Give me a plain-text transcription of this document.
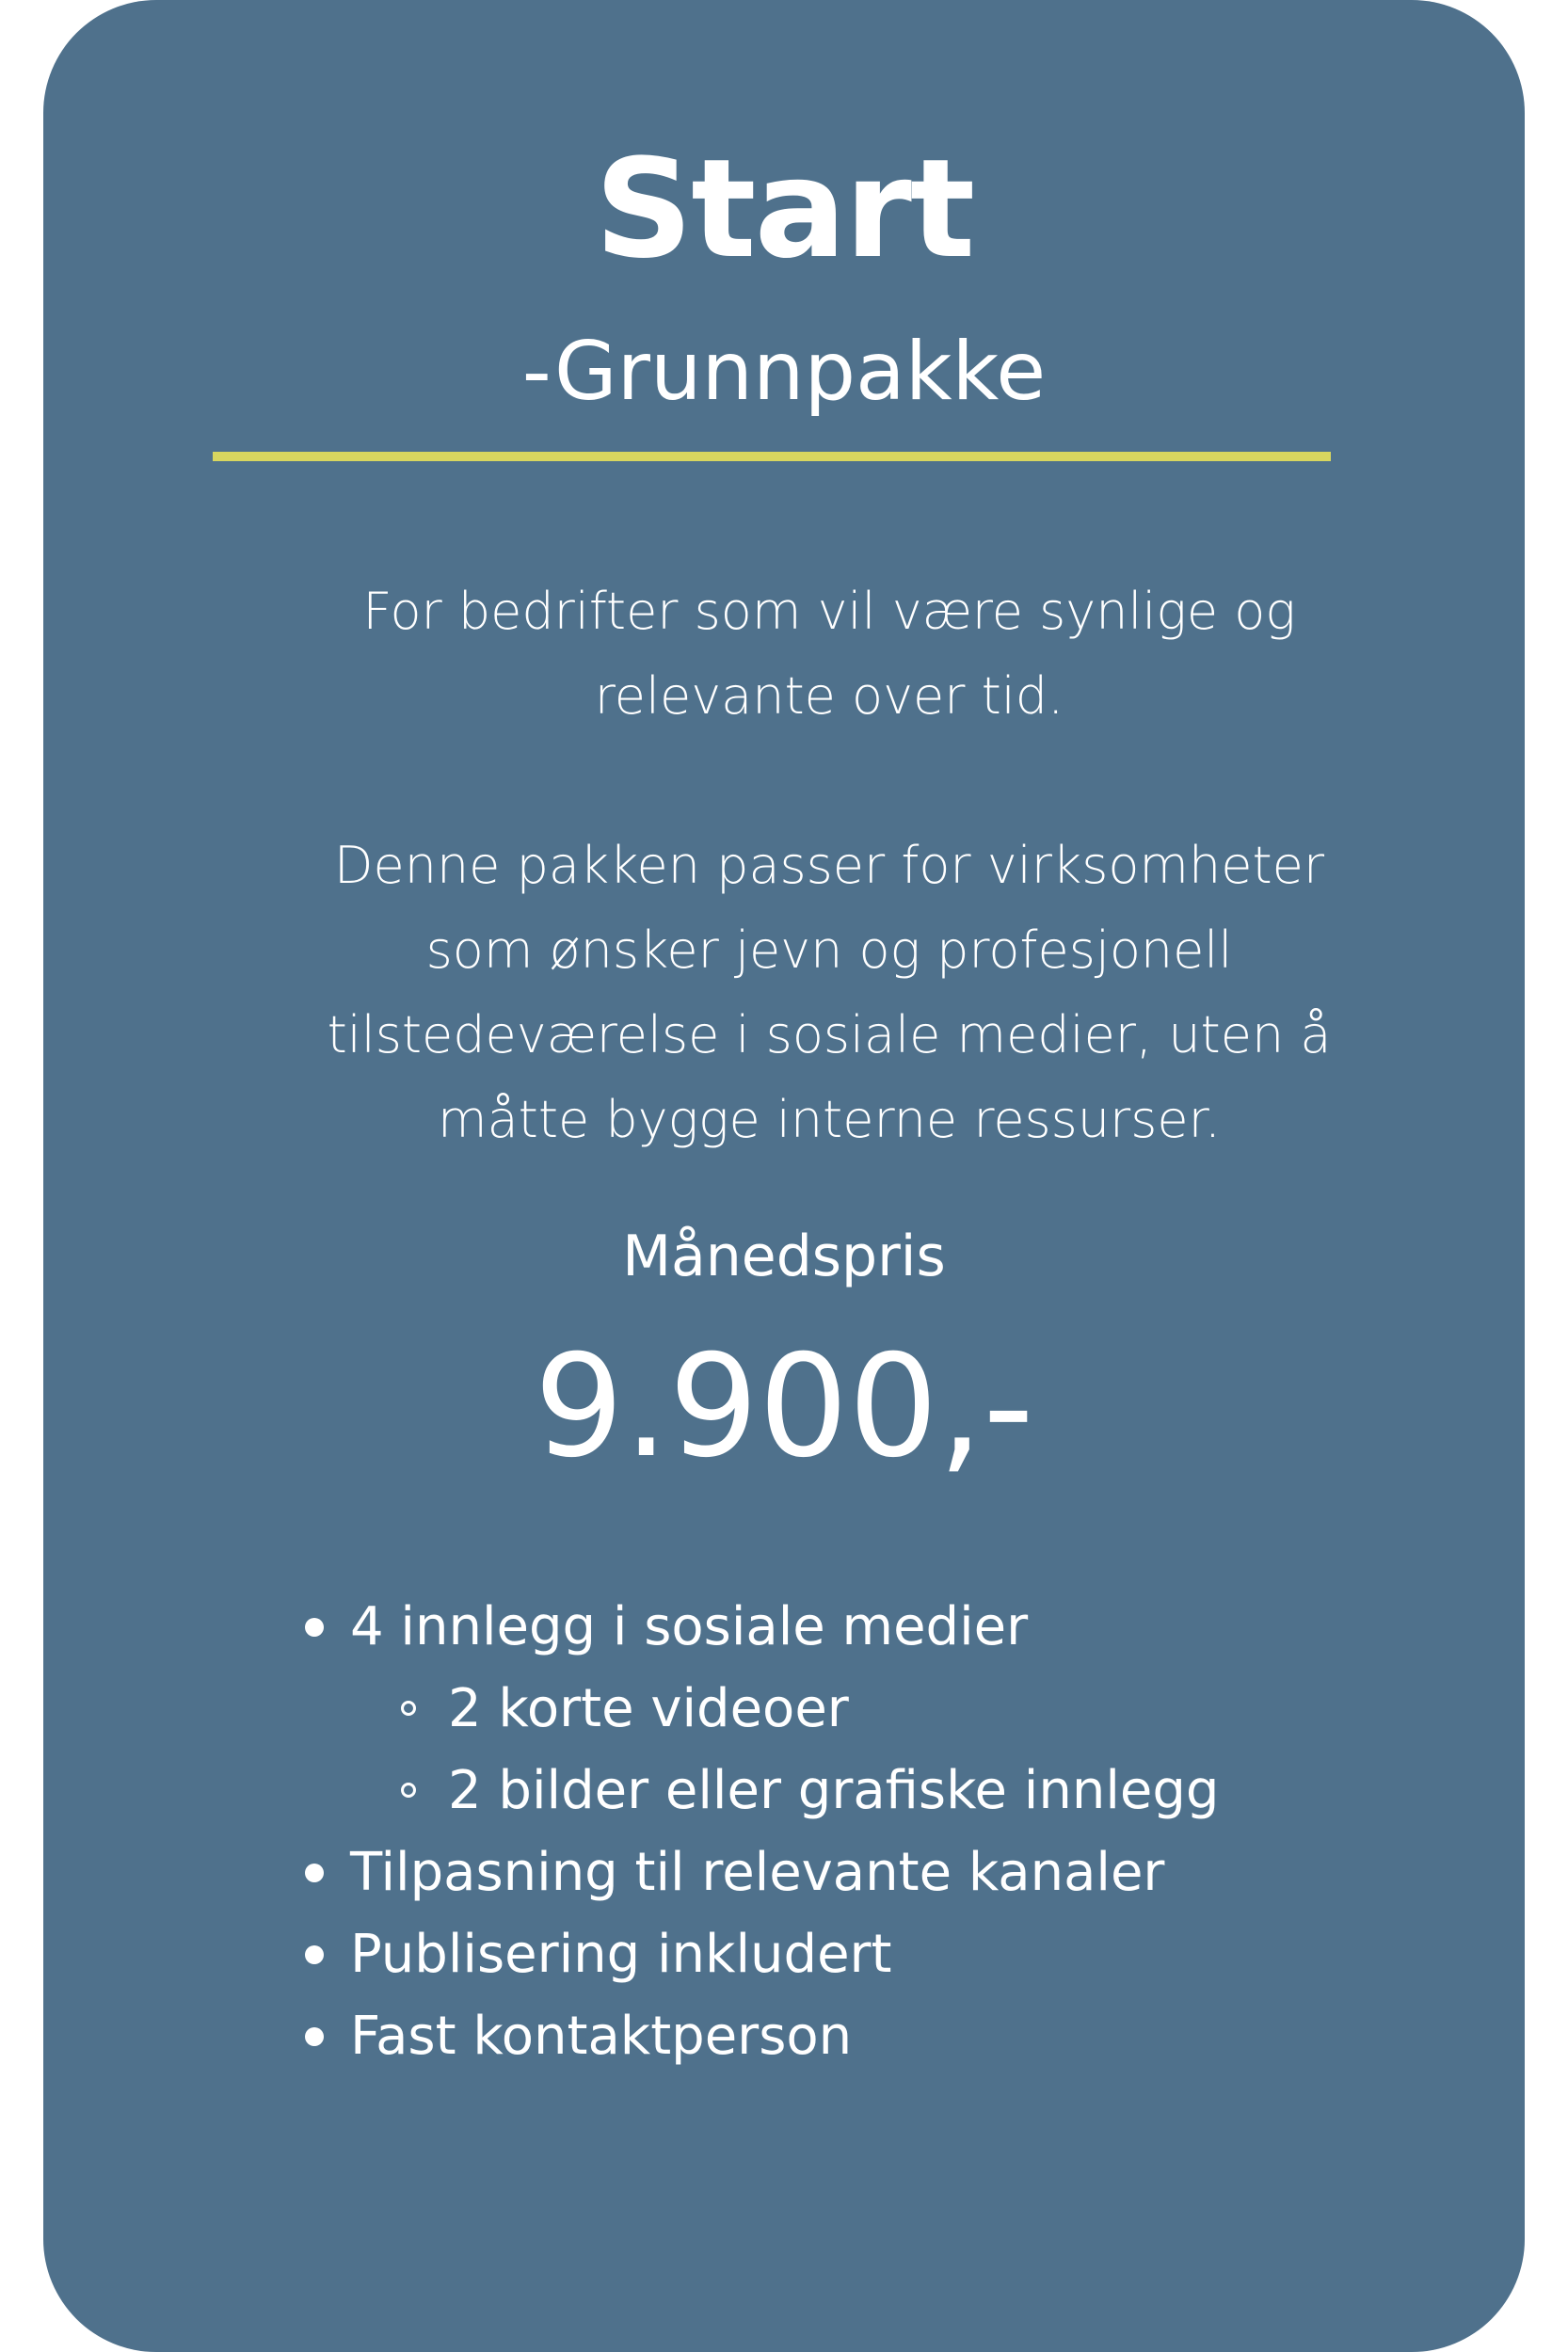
Start
-Grunnpakke

For bedrifter som vil være synlige og

relevante over tid.

Denne pakken passer for virksomheter

som ønsker jevn og profesjonell

tilstedeværelse i sosiale medier, uten å

måtte bygge interne ressurser.

Månedspris
9.900,-
4 innlegg i sosiale medier
2 korte videoer
2 bilder eller grafiske innlegg
Tilpasning til relevante kanaler
Publisering inkludert
Fast kontaktperson
